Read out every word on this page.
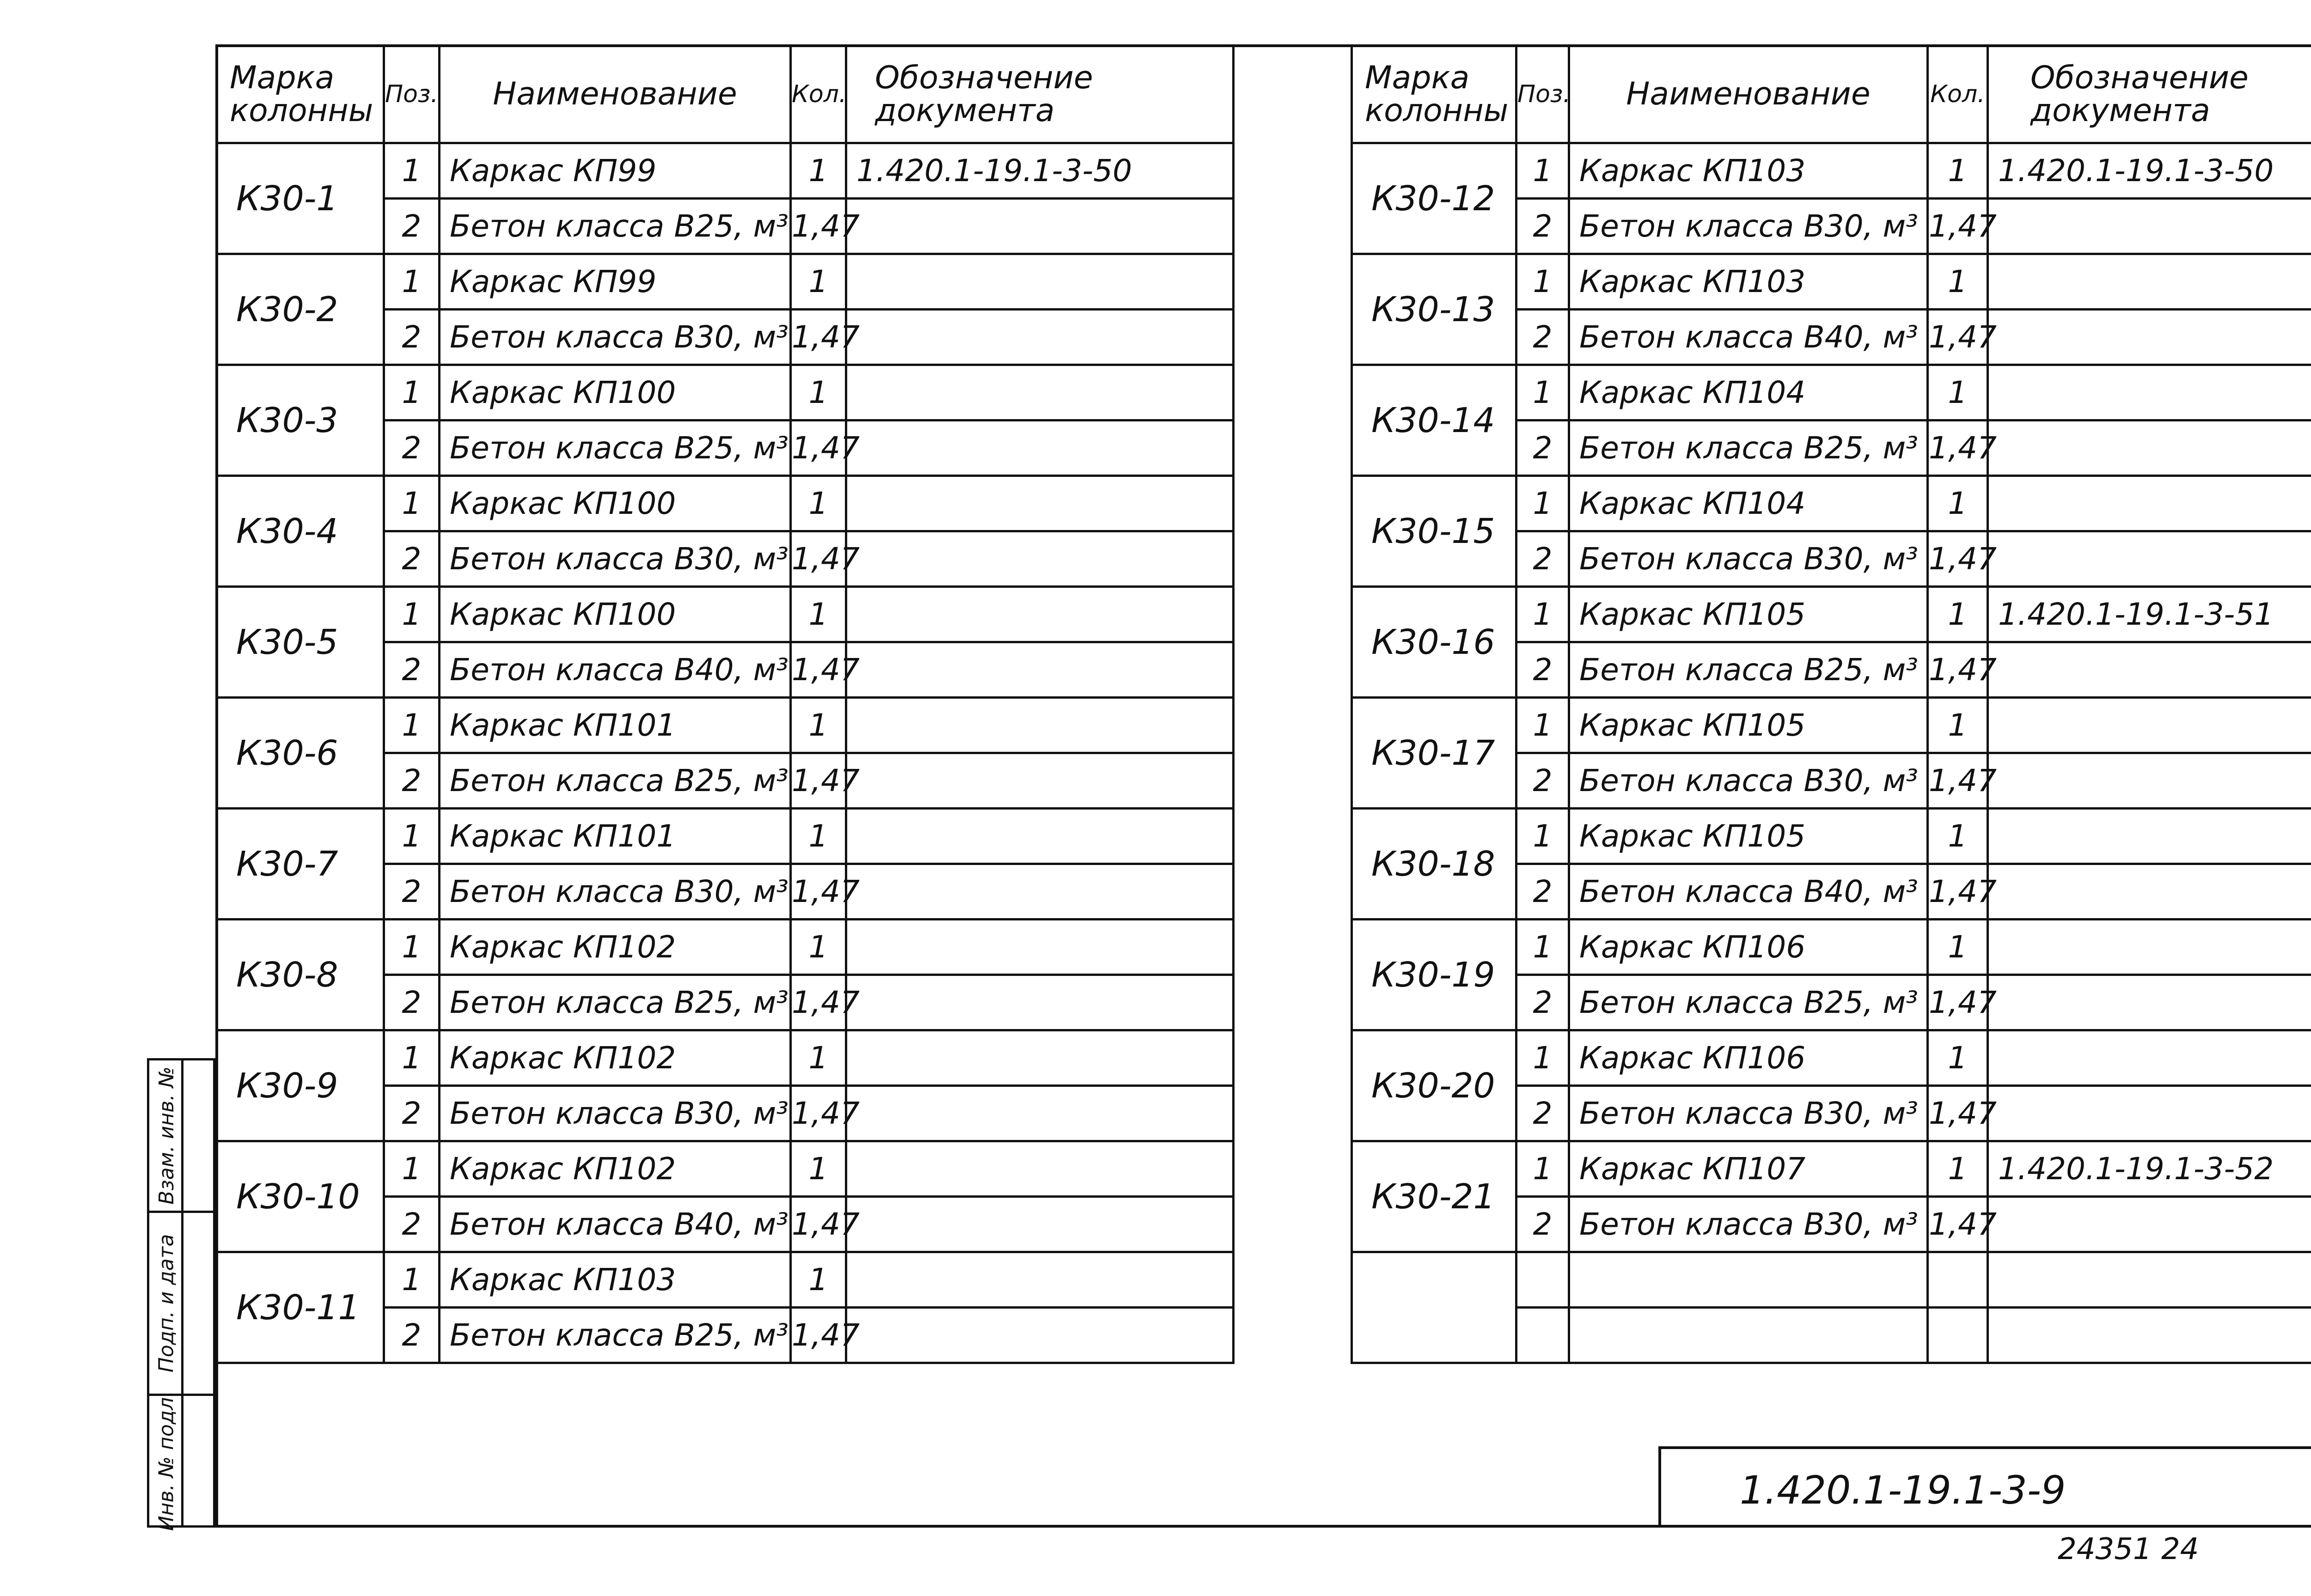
Марка колонны	Поз.	Наименование	Кол.	Обозначение документа
К30-1	1	Каркас КП99	1	1.420.1-19.1-3-50
	2	Бетон класса В25, м³	1,47	
К30-2	1	Каркас КП99	1	
	2	Бетон класса В30, м³	1,47	
К30-3	1	Каркас КП100	1	
	2	Бетон класса В25, м³	1,47	
К30-4	1	Каркас КП100	1	
	2	Бетон класса В30, м³	1,47	
К30-5	1	Каркас КП100	1	
	2	Бетон класса В40, м³	1,47	
К30-6	1	Каркас КП101	1	
	2	Бетон класса В25, м³	1,47	
К30-7	1	Каркас КП101	1	
	2	Бетон класса В30, м³	1,47	
К30-8	1	Каркас КП102	1	
	2	Бетон класса В25, м³	1,47	
К30-9	1	Каркас КП102	1	
	2	Бетон класса В30, м³	1,47	
К30-10	1	Каркас КП102	1	
	2	Бетон класса В40, м³	1,47	
К30-11	1	Каркас КП103	1	
	2	Бетон класса В25, м³	1,47	

Марка колонны	Поз.	Наименование	Кол.	Обозначение документа
К30-12	1	Каркас КП103	1	1.420.1-19.1-3-50
	2	Бетон класса В30, м³	1,47	
К30-13	1	Каркас КП103	1	
	2	Бетон класса В40, м³	1,47	
К30-14	1	Каркас КП104	1	
	2	Бетон класса В25, м³	1,47	
К30-15	1	Каркас КП104	1	
	2	Бетон класса В30, м³	1,47	
К30-16	1	Каркас КП105	1	1.420.1-19.1-3-51
	2	Бетон класса В25, м³	1,47	
К30-17	1	Каркас КП105	1	
	2	Бетон класса В30, м³	1,47	
К30-18	1	Каркас КП105	1	
	2	Бетон класса В40, м³	1,47	
К30-19	1	Каркас КП106	1	
	2	Бетон класса В25, м³	1,47	
К30-20	1	Каркас КП106	1	
	2	Бетон класса В30, м³	1,47	
К30-21	1	Каркас КП107	1	1.420.1-19.1-3-52
	2	Бетон класса В30, м³	1,47	

Взам. инв. №
Подп. и дата
Инв. № подл.	1.420.1-19.1-3-9
24351 24
